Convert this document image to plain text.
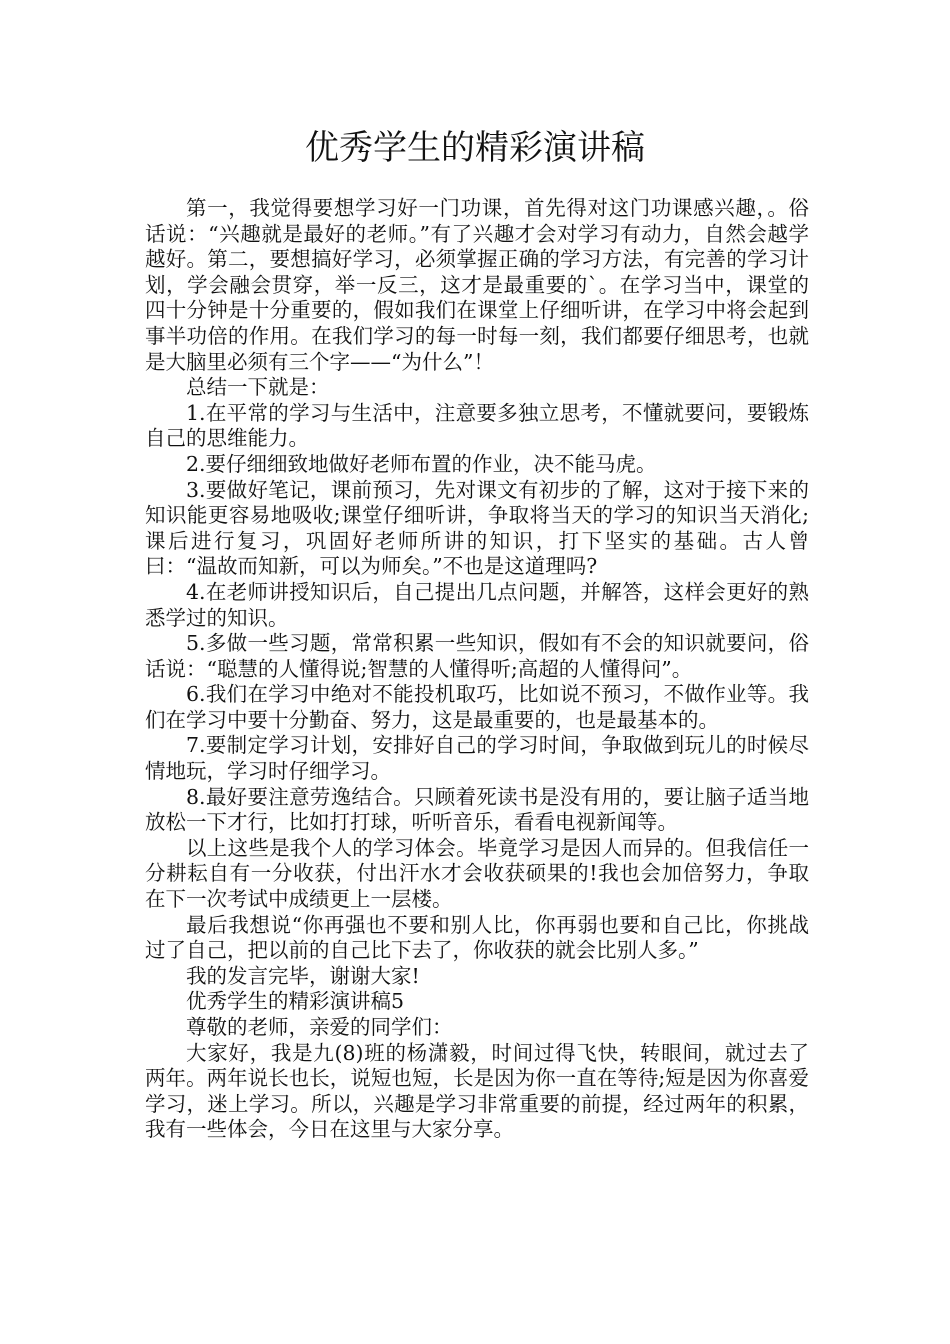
优秀学生的精彩演讲稿

第一，我觉得要想学习好一门功课，首先得对这门功课感兴趣，。俗话说：“兴趣就是最好的老师。”有了兴趣才会对学习有动力，自然会越学越好。第二，要想搞好学习，必须掌握正确的学习方法，有完善的学习计划，学会融会贯穿，举一反三，这才是最重要的`。在学习当中，课堂的四十分钟是十分重要的，假如我们在课堂上仔细听讲，在学习中将会起到事半功倍的作用。在我们学习的每一时每一刻，我们都要仔细思考，也就是大脑里必须有三个字——“为什么”！

总结一下就是：

1.在平常的学习与生活中，注意要多独立思考，不懂就要问，要锻炼自己的思维能力。

2.要仔细细致地做好老师布置的作业，决不能马虎。

3.要做好笔记，课前预习，先对课文有初步的了解，这对于接下来的知识能更容易地吸收;课堂仔细听讲，争取将当天的学习的知识当天消化;课后进行复习，巩固好老师所讲的知识，打下坚实的基础。古人曾曰：“温故而知新，可以为师矣。”不也是这道理吗?

4.在老师讲授知识后，自己提出几点问题，并解答，这样会更好的熟悉学过的知识。

5.多做一些习题，常常积累一些知识，假如有不会的知识就要问，俗话说：“聪慧的人懂得说;智慧的人懂得听;高超的人懂得问”。

6.我们在学习中绝对不能投机取巧，比如说不预习，不做作业等。我们在学习中要十分勤奋、努力，这是最重要的，也是最基本的。

7.要制定学习计划，安排好自己的学习时间，争取做到玩儿的时候尽情地玩，学习时仔细学习。

8.最好要注意劳逸结合。只顾着死读书是没有用的，要让脑子适当地放松一下才行，比如打打球，听听音乐，看看电视新闻等。

以上这些是我个人的学习体会。毕竟学习是因人而异的。但我信任一分耕耘自有一分收获，付出汗水才会收获硕果的!我也会加倍努力，争取在下一次考试中成绩更上一层楼。

最后我想说“你再强也不要和别人比，你再弱也要和自己比，你挑战过了自己，把以前的自己比下去了，你收获的就会比别人多。”

我的发言完毕，谢谢大家!

优秀学生的精彩演讲稿5

尊敬的老师，亲爱的同学们：

大家好，我是九(8)班的杨潇毅，时间过得飞快，转眼间，就过去了两年。两年说长也长，说短也短，长是因为你一直在等待;短是因为你喜爱学习，迷上学习。所以，兴趣是学习非常重要的前提，经过两年的积累，我有一些体会，今日在这里与大家分享。
